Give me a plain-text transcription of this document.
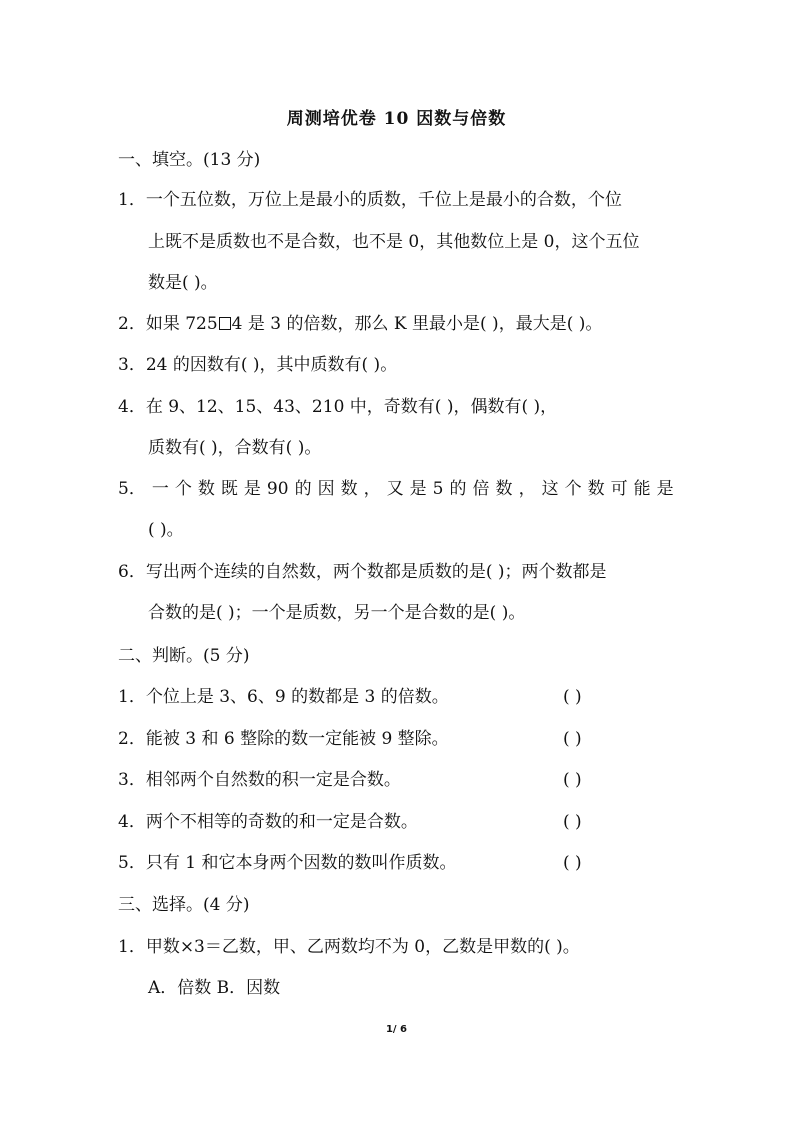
周测培优卷 10 因数与倍数
一、填空。(13 分)
1．一个五位数，万位上是最小的质数，千位上是最小的合数，个位
上既不是质数也不是合数，也不是 0，其他数位上是 0，这个五位
数是( )。
2．如果 725 4 是 3 的倍数，那么 K 里最小是( )，最大是( )。
3．24 的因数有( )，其中质数有( )。
4．在 9、12、15、43、210 中，奇数有( )，偶数有( )，
质数有( )，合数有( )。
5． 一 个 数 既 是 90 的 因 数 ， 又 是 5 的 倍 数 ， 这 个 数 可 能 是
( )。
6．写出两个连续的自然数，两个数都是质数的是( )；两个数都是
合数的是( )；一个是质数，另一个是合数的是( )。
二、判断。(5 分)
1．个位上是 3、6、9 的数都是 3 的倍数。	( )
2．能被 3 和 6 整除的数一定能被 9 整除。	( )
3．相邻两个自然数的积一定是合数。	( )
4．两个不相等的奇数的和一定是合数。	( )
5．只有 1 和它本身两个因数的数叫作质数。	( )
三、选择。(4 分)
1．甲数×3＝乙数，甲、乙两数均不为 0，乙数是甲数的( )。
A．倍数 B．因数
1/ 6
